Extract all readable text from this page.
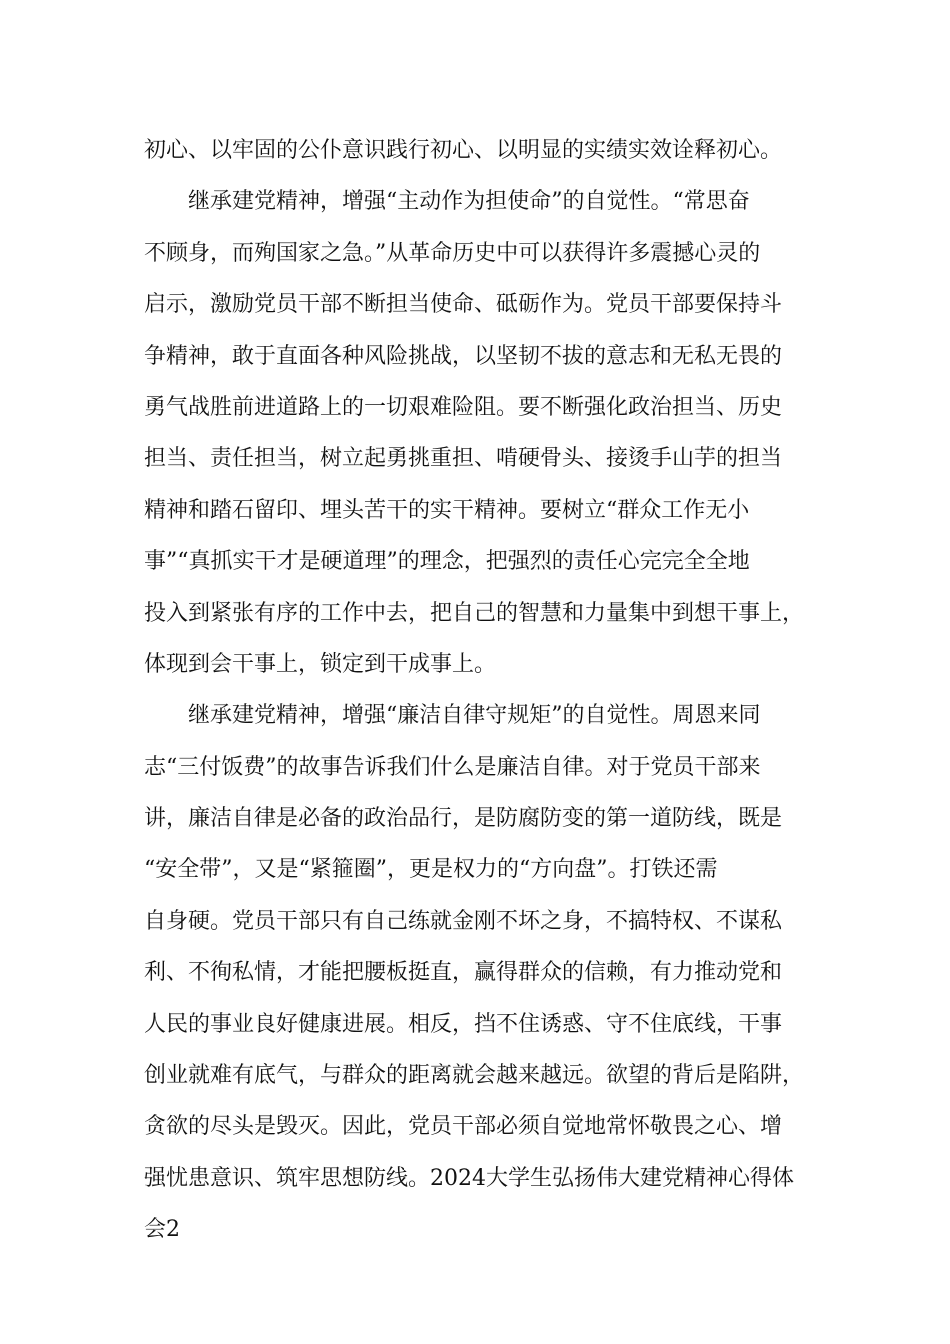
初心、以牢固的公仆意识践行初心、以明显的实绩实效诠释初心。
继承建党精神，增强“主动作为担使命”的自觉性。“常思奋
不顾身，而殉国家之急。”从革命历史中可以获得许多震撼心灵的
启示，激励党员干部不断担当使命、砥砺作为。党员干部要保持斗
争精神，敢于直面各种风险挑战，以坚韧不拔的意志和无私无畏的
勇气战胜前进道路上的一切艰难险阻。要不断强化政治担当、历史
担当、责任担当，树立起勇挑重担、啃硬骨头、接烫手山芋的担当
精神和踏石留印、埋头苦干的实干精神。要树立“群众工作无小
事”“真抓实干才是硬道理”的理念，把强烈的责任心完完全全地
投入到紧张有序的工作中去，把自己的智慧和力量集中到想干事上，
体现到会干事上，锁定到干成事上。
继承建党精神，增强“廉洁自律守规矩”的自觉性。周恩来同
志“三付饭费”的故事告诉我们什么是廉洁自律。对于党员干部来
讲，廉洁自律是必备的政治品行，是防腐防变的第一道防线，既是
“安全带”，又是“紧箍圈”，更是权力的“方向盘”。打铁还需
自身硬。党员干部只有自己练就金刚不坏之身，不搞特权、不谋私
利、不徇私情，才能把腰板挺直，赢得群众的信赖，有力推动党和
人民的事业良好健康进展。相反，挡不住诱惑、守不住底线，干事
创业就难有底气，与群众的距离就会越来越远。欲望的背后是陷阱，
贪欲的尽头是毁灭。因此，党员干部必须自觉地常怀敬畏之心、增
强忧患意识、筑牢思想防线。2024大学生弘扬伟大建党精神心得体
会2
